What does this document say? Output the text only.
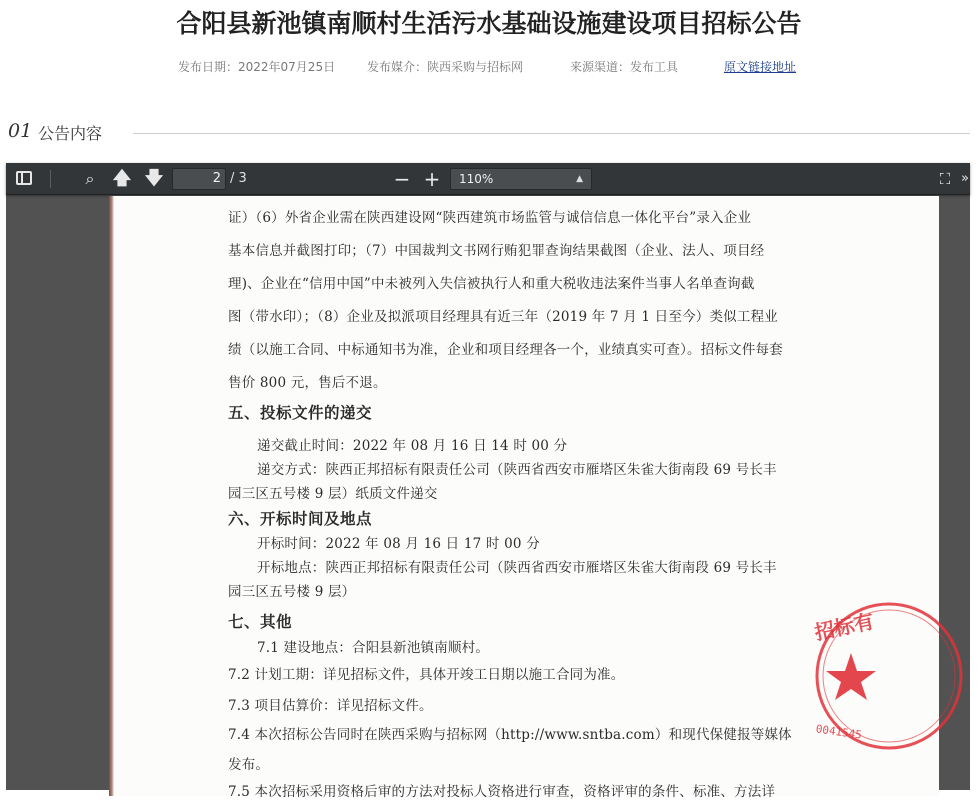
合阳县新池镇南顺村生活污水基础设施建设项目招标公告
发布日期：2022年07月25日	发布媒介：陕西采购与招标网	来源渠道：发布工具	原文链接地址
01 公告内容
⌕	🡅 🡇	2 / 3	− +	110%	▲	⛶ »
证）（6）外省企业需在陕西建设网“陕西建筑市场监管与诚信信息一体化平台”录入企业
基本信息并截图打印；（7）中国裁判文书网行贿犯罪查询结果截图（企业、法人、项目经
理)、企业在“信用中国”中未被列入失信被执行人和重大税收违法案件当事人名单查询截
图（带水印）；（8）企业及拟派项目经理具有近三年（2019 年 7 月 1 日至今）类似工程业
绩（以施工合同、中标通知书为准，企业和项目经理各一个，业绩真实可查）。招标文件每套
售价 800 元，售后不退。
五、投标文件的递交
递交截止时间：2022 年 08 月 16 日 14 时 00 分
递交方式：陕西正邦招标有限责任公司（陕西省西安市雁塔区朱雀大街南段 69 号长丰
园三区五号楼 9 层）纸质文件递交
六、开标时间及地点
开标时间：2022 年 08 月 16 日 17 时 00 分
开标地点：陕西正邦招标有限责任公司（陕西省西安市雁塔区朱雀大街南段 69 号长丰
园三区五号楼 9 层）
七、其他
7.1 建设地点：合阳县新池镇南顺村。
7.2 计划工期：详见招标文件，具体开竣工日期以施工合同为准。
7.3 项目估算价：详见招标文件。
7.4 本次招标公告同时在陕西采购与招标网（http://www.sntba.com）和现代保健报等媒体
发布。
7.5 本次招标采用资格后审的方法对投标人资格进行审查，资格评审的条件、标准、方法详
招标有
0041545
